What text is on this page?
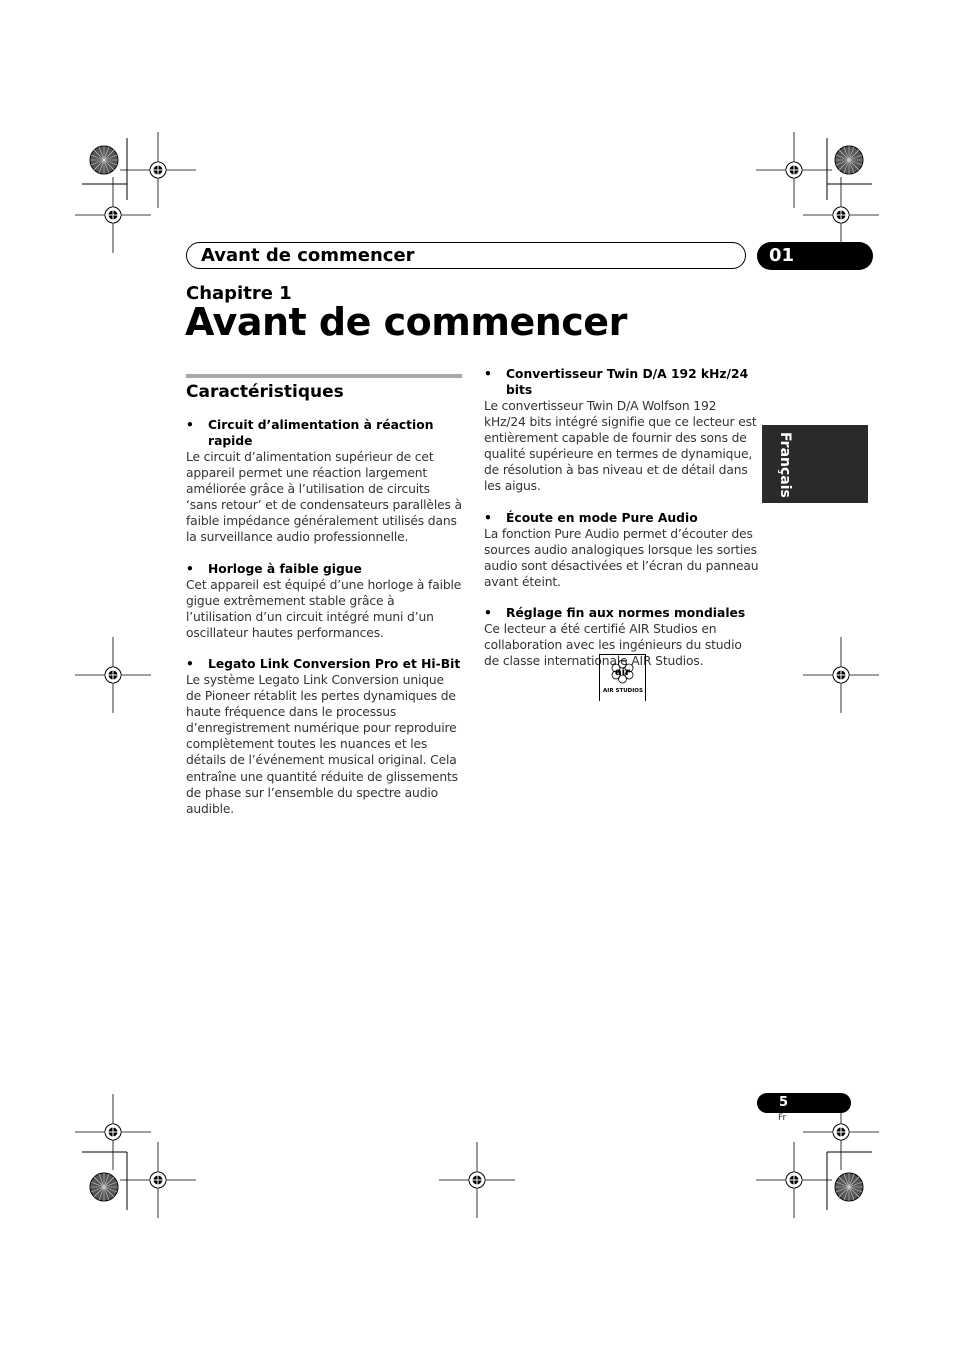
Avant de commencer	01
Chapitre 1
Avant de commencer
Caractéristiques
•	Circuit d’alimentation à réaction rapide

Le circuit d’alimentation supérieur de cet appareil permet une réaction largement améliorée grâce à l’utilisation de circuits ‘sans retour’ et de condensateurs parallèles à faible impédance généralement utilisés dans la surveillance audio professionnelle.

•	Horloge à faible gigue

Cet appareil est équipé d’une horloge à faible gigue extrêmement stable grâce à l’utilisation d’un circuit intégré muni d’un oscillateur hautes performances.

•	Legato Link Conversion Pro et Hi-Bit

Le système Legato Link Conversion unique de Pioneer rétablit les pertes dynamiques de haute fréquence dans le processus d’enregistrement numérique pour reproduire complètement toutes les nuances et les détails de l’événement musical original. Cela entraîne une quantité réduite de glissements de phase sur l’ensemble du spectre audio audible.

•	Convertisseur Twin D/A 192 kHz/24 bits

Le convertisseur Twin D/A Wolfson 192 kHz/24 bits intégré signifie que ce lecteur est entièrement capable de fournir des sons de qualité supérieure en termes de dynamique, de résolution à bas niveau et de détail dans les aigus.

•	Écoute en mode Pure Audio

La fonction Pure Audio permet d’écouter des sources audio analogiques lorsque les sorties audio sont désactivées et l’écran du panneau avant éteint.

•	Réglage fin aux normes mondiales

Ce lecteur a été certifié AIR Studios en collaboration avec les ingénieurs du studio de classe internationale AIR Studios.

air
AIR STUDIOS
Français
5
Fr
